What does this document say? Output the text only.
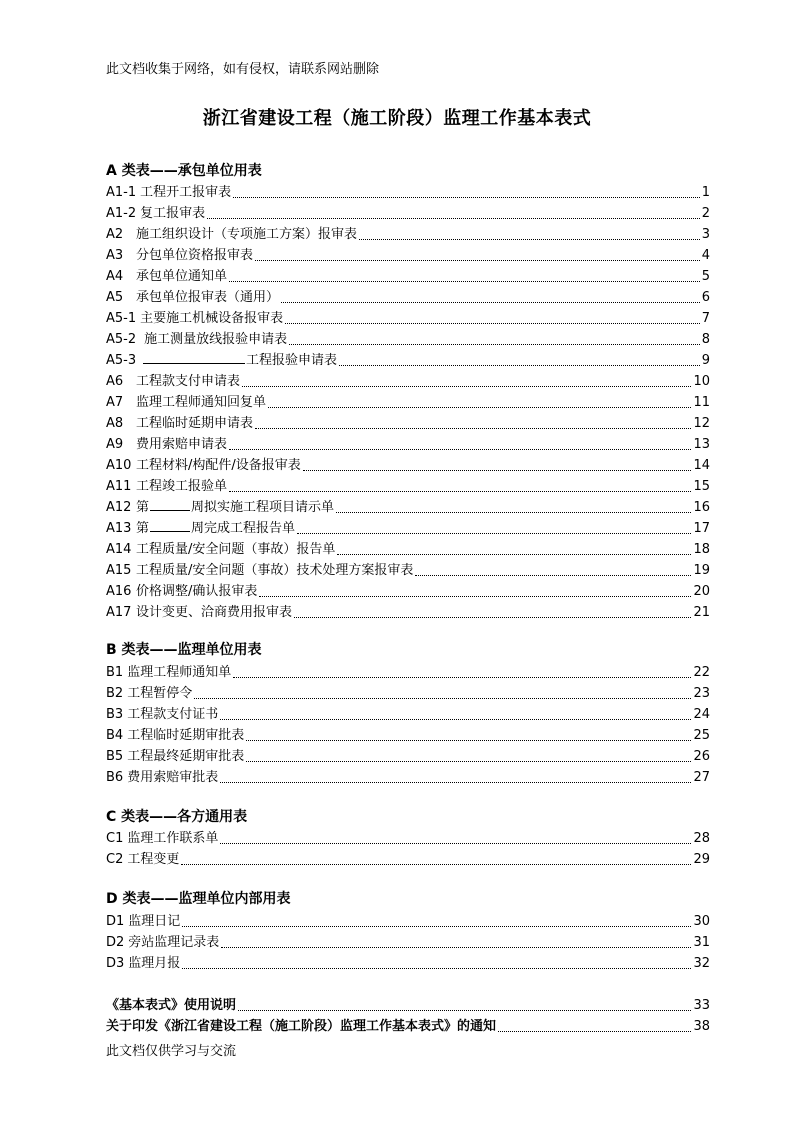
此文档收集于网络，如有侵权，请联系网站删除
浙江省建设工程（施工阶段）监理工作基本表式
A 类表——承包单位用表
A1-1 工程开工报审表	1
A1-2 复工报审表	2
A2 施工组织设计（专项施工方案）报审表	3
A3 分包单位资格报审表	4
A4 承包单位通知单	5
A5 承包单位报审表（通用）	6
A5-1 主要施工机械设备报审表	7
A5-2 施工测量放线报验申请表	8
A5-3	工程报验申请表	9
A6 工程款支付申请表	10
A7 监理工程师通知回复单	11
A8 工程临时延期申请表	12
A9 费用索赔申请表	13
A10 工程材料/构配件/设备报审表	14
A11 工程竣工报验单	15
A12 第	周拟实施工程项目请示单	16
A13 第	周完成工程报告单	17
A14 工程质量/安全问题（事故）报告单	18
A15 工程质量/安全问题（事故）技术处理方案报审表	19
A16 价格调整/确认报审表	20
A17 设计变更、洽商费用报审表	21
B 类表——监理单位用表
B1 监理工程师通知单	22
B2 工程暂停令	23
B3 工程款支付证书	24
B4 工程临时延期审批表	25
B5 工程最终延期审批表	26
B6 费用索赔审批表	27
C 类表——各方通用表
C1 监理工作联系单	28
C2 工程变更	29
D 类表——监理单位内部用表
D1 监理日记	30
D2 旁站监理记录表	31
D3 监理月报	32
《基本表式》使用说明	33
关于印发《浙江省建设工程（施工阶段）监理工作基本表式》的通知	38
此文档仅供学习与交流
